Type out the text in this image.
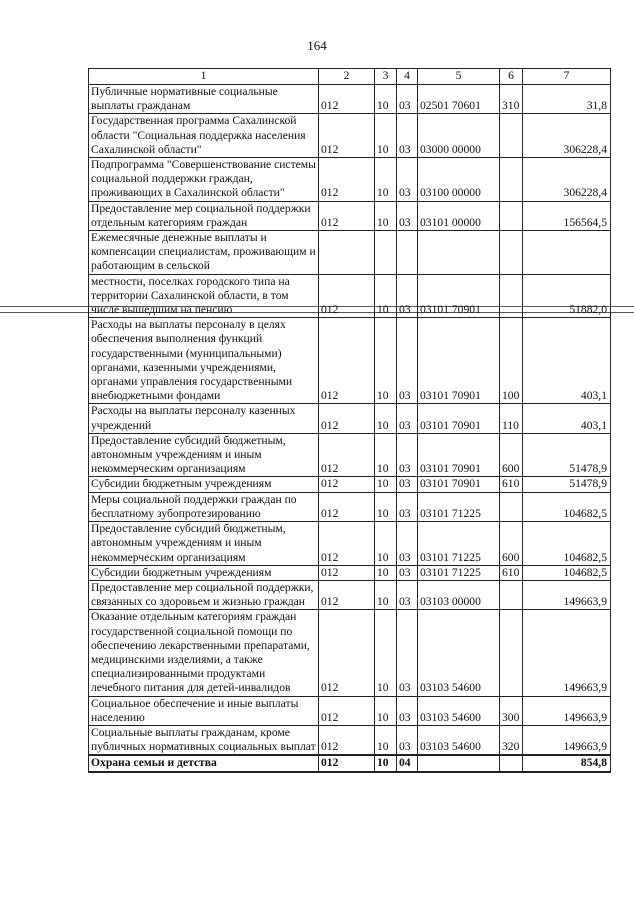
164
1	2	3	4	5	6	7
Публичные нормативные социальные выплаты гражданам	012	10	03	02501 70601	310	31,8
Государственная программа Сахалинской области "Социальная поддержка населения Сахалинской области"	012	10	03	03000 00000		306228,4
Подпрограмма "Совершенствование системы социальной поддержки граждан, проживающих в Сахалинской области"	012	10	03	03100 00000		306228,4
Предоставление мер социальной поддержки отдельным категориям граждан	012	10	03	03101 00000		156564,5
Ежемесячные денежные выплаты и компенсации специалистам, проживающим и работающим в сельской						
местности, поселках городского типа на территории Сахалинской области, в том числе вышедшим на пенсию	012	10	03	03101 70901		51882,0
Расходы на выплаты персоналу в целях обеспечения выполнения функций государственными (муниципальными) органами, казенными учреждениями, органами управления государственными внебюджетными фондами	012	10	03	03101 70901	100	403,1
Расходы на выплаты персоналу казенных учреждений	012	10	03	03101 70901	110	403,1
Предоставление субсидий бюджетным, автономным учреждениям и иным некоммерческим организациям	012	10	03	03101 70901	600	51478,9
Субсидии бюджетным учреждениям	012	10	03	03101 70901	610	51478,9
Меры социальной поддержки граждан по бесплатному зубопротезированию	012	10	03	03101 71225		104682,5
Предоставление субсидий бюджетным, автономным учреждениям и иным некоммерческим организациям	012	10	03	03101 71225	600	104682,5
Субсидии бюджетным учреждениям	012	10	03	03101 71225	610	104682,5
Предоставление мер социальной поддержки, связанных со здоровьем и жизнью граждан	012	10	03	03103 00000		149663,9
Оказание отдельным категориям граждан государственной социальной помощи по обеспечению лекарственными препаратами, медицинскими изделиями, а также специализированными продуктами лечебного питания для детей-инвалидов	012	10	03	03103 54600		149663,9
Социальное обеспечение и иные выплаты населению	012	10	03	03103 54600	300	149663,9
Социальные выплаты гражданам, кроме публичных нормативных социальных выплат	012	10	03	03103 54600	320	149663,9
Охрана семьи и детства	012	10	04			854,8
